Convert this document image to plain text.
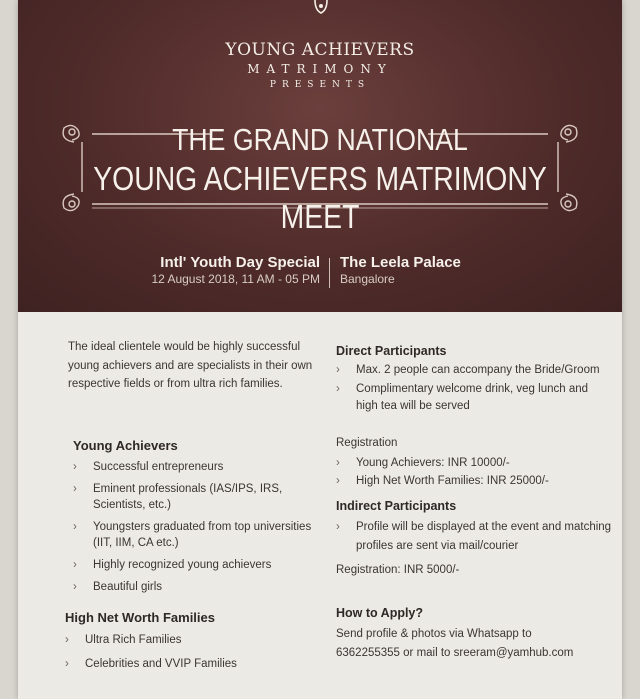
YOUNG ACHIEVERS
MATRIMONY
PRESENTS
THE GRAND NATIONAL
YOUNG ACHIEVERS MATRIMONY MEET
Intl' Youth Day Special
12 August 2018, 11 AM - 05 PM
The Leela Palace
Bangalore
The ideal clientele would be highly successful young achievers and are specialists in their own respective fields or from ultra rich families.
Young Achievers
› Successful entrepreneurs
› Eminent professionals (IAS/IPS, IRS, Scientists, etc.)
› Youngsters graduated from top universities (IIT, IIM, CA etc.)
› Highly recognized young achievers
› Beautiful girls
High Net Worth Families
› Ultra Rich Families
› Celebrities and VVIP Families
Direct Participants
› Max. 2 people can accompany the Bride/Groom
› Complimentary welcome drink, veg lunch and high tea will be served
Registration
› Young Achievers: INR 10000/-
› High Net Worth Families: INR 25000/-
Indirect Participants
› Profile will be displayed at the event and matching profiles are sent via mail/courier
Registration: INR 5000/-
How to Apply?
Send profile & photos via Whatsapp to
6362255355 or mail to sreeram@yamhub.com
